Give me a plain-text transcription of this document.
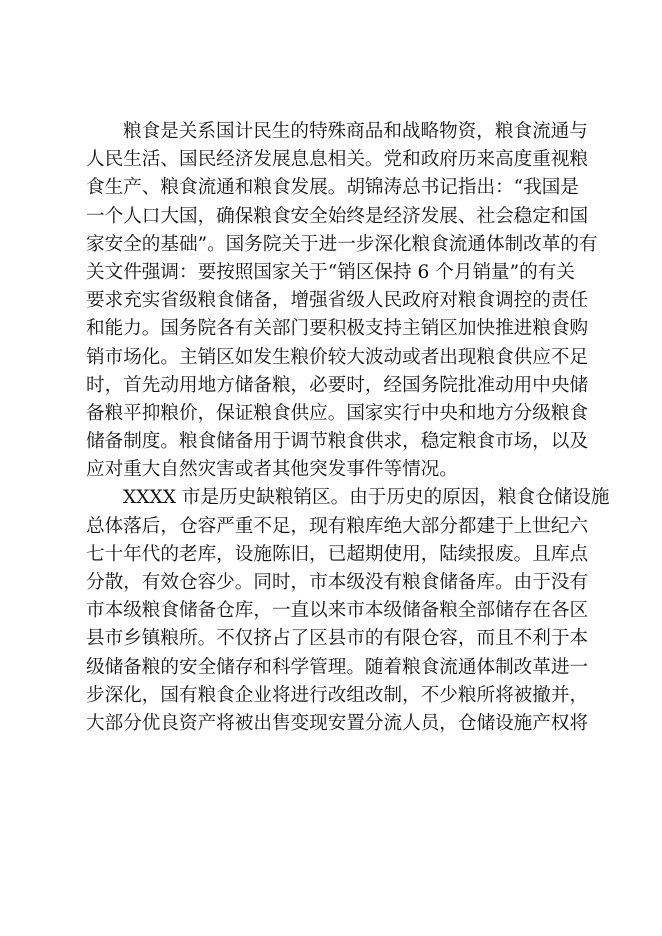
粮食是关系国计民生的特殊商品和战略物资，粮食流通与
人民生活、国民经济发展息息相关。党和政府历来高度重视粮
食生产、粮食流通和粮食发展。胡锦涛总书记指出：“我国是
一个人口大国，确保粮食安全始终是经济发展、社会稳定和国
家安全的基础”。国务院关于进一步深化粮食流通体制改革的有
关文件强调：要按照国家关于“销区保持 6 个月销量”的有关
要求充实省级粮食储备，增强省级人民政府对粮食调控的责任
和能力。国务院各有关部门要积极支持主销区加快推进粮食购
销市场化。主销区如发生粮价较大波动或者出现粮食供应不足
时，首先动用地方储备粮，必要时，经国务院批准动用中央储
备粮平抑粮价，保证粮食供应。国家实行中央和地方分级粮食
储备制度。粮食储备用于调节粮食供求，稳定粮食市场，以及
应对重大自然灾害或者其他突发事件等情况。
XXXX 市是历史缺粮销区。由于历史的原因，粮食仓储设施
总体落后，仓容严重不足，现有粮库绝大部分都建于上世纪六
七十年代的老库，设施陈旧，已超期使用，陆续报废。且库点
分散，有效仓容少。同时，市本级没有粮食储备库。由于没有
市本级粮食储备仓库，一直以来市本级储备粮全部储存在各区
县市乡镇粮所。不仅挤占了区县市的有限仓容，而且不利于本
级储备粮的安全储存和科学管理。随着粮食流通体制改革进一
步深化，国有粮食企业将进行改组改制，不少粮所将被撤并，
大部分优良资产将被出售变现安置分流人员，仓储设施产权将
